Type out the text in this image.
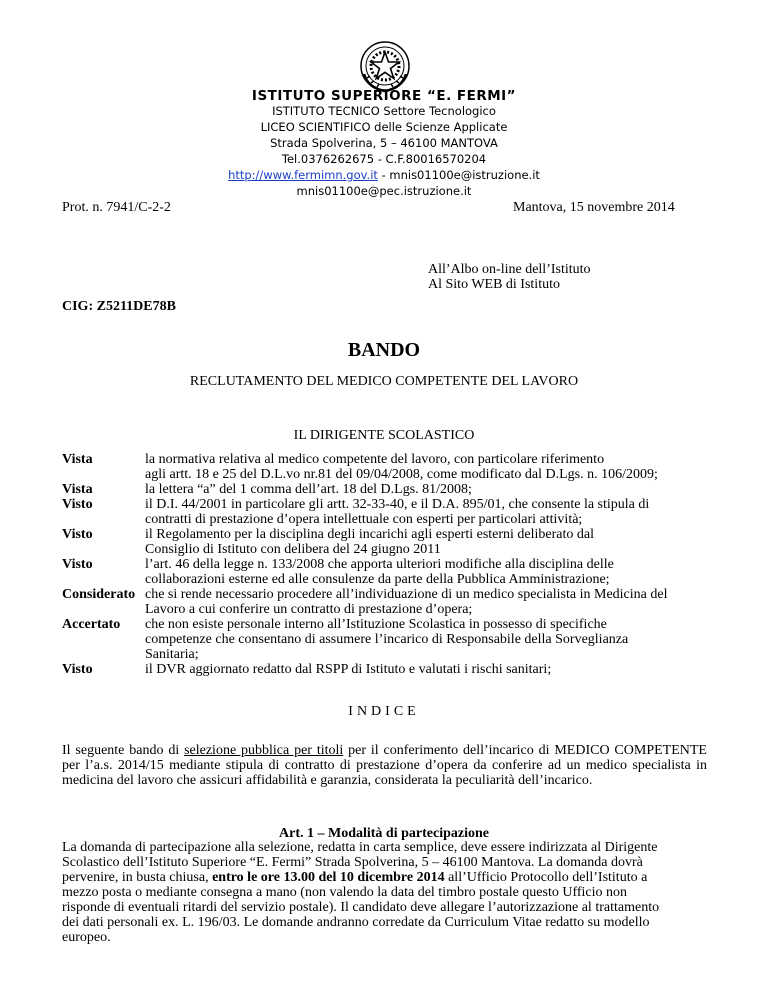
ISTITUTO SUPERIORE “E. FERMI”
ISTITUTO TECNICO Settore Tecnologico
LICEO SCIENTIFICO delle Scienze Applicate
Strada Spolverina, 5 – 46100 MANTOVA
Tel.0376262675 - C.F.80016570204
http://www.fermimn.gov.it - mnis01100e@istruzione.it
mnis01100e@pec.istruzione.it
Prot. n. 7941/C-2-2	Mantova, 15 novembre 2014
All’Albo on-line dell’Istituto
Al Sito WEB di Istituto
CIG: Z5211DE78B
BANDO
RECLUTAMENTO DEL MEDICO COMPETENTE DEL LAVORO
IL DIRIGENTE SCOLASTICO
Vista	la normativa relativa al medico competente del lavoro, con particolare riferimento
agli artt. 18 e 25 del D.L.vo nr.81 del 09/04/2008, come modificato dal D.Lgs. n. 106/2009;
Vista	la lettera “a” del 1 comma dell’art. 18 del D.Lgs. 81/2008;
Visto	il D.I. 44/2001 in particolare gli artt. 32-33-40, e il D.A. 895/01, che consente la stipula di
contratti di prestazione d’opera intellettuale con esperti per particolari attività;
Visto	il Regolamento per la disciplina degli incarichi agli esperti esterni deliberato dal
Consiglio di Istituto con delibera del 24 giugno 2011
Visto	l’art. 46 della legge n. 133/2008 che apporta ulteriori modifiche alla disciplina delle
collaborazioni esterne ed alle consulenze da parte della Pubblica Amministrazione;
Considerato che si rende necessario procedere all’individuazione di un medico specialista in Medicina del
Lavoro a cui conferire un contratto di prestazione d’opera;
Accertato	che non esiste personale interno all’Istituzione Scolastica in possesso di specifiche
competenze che consentano di assumere l’incarico di Responsabile della Sorveglianza
Sanitaria;
Visto	il DVR aggiornato redatto dal RSPP di Istituto e valutati i rischi sanitari;
INDICE
Il seguente bando di selezione pubblica per titoli per il conferimento dell’incarico di MEDICO COMPETENTE per l’a.s. 2014/15 mediante stipula di contratto di prestazione d’opera da conferire ad un medico specialista in medicina del lavoro che assicuri affidabilità e garanzia, considerata la peculiarità dell’incarico.
Art. 1 – Modalità di partecipazione
La domanda di partecipazione alla selezione, redatta in carta semplice, deve essere indirizzata al Dirigente
Scolastico dell’Istituto Superiore “E. Fermi” Strada Spolverina, 5 – 46100 Mantova. La domanda dovrà
pervenire, in busta chiusa, entro le ore 13.00 del 10 dicembre 2014 all’Ufficio Protocollo dell’Istituto a
mezzo posta o mediante consegna a mano (non valendo la data del timbro postale questo Ufficio non
risponde di eventuali ritardi del servizio postale). Il candidato deve allegare l’autorizzazione al trattamento
dei dati personali ex. L. 196/03. Le domande andranno corredate da Curriculum Vitae redatto su modello
europeo.
